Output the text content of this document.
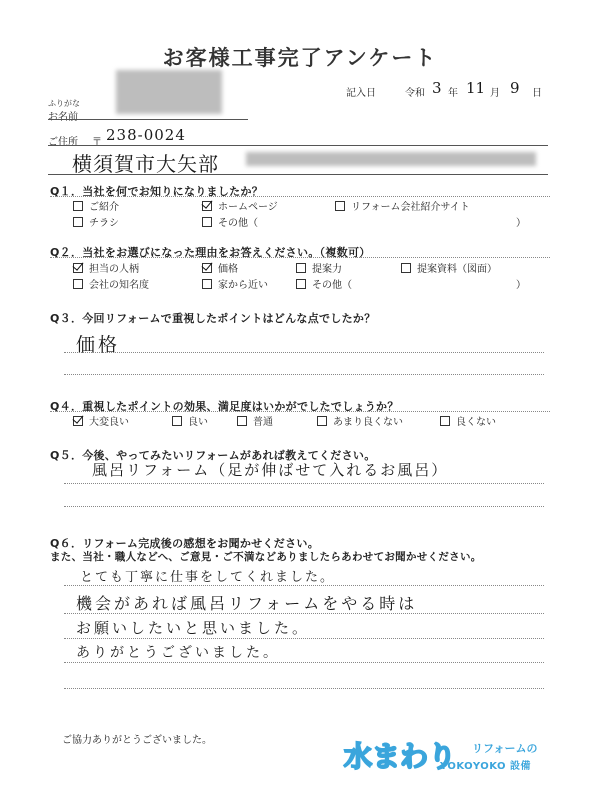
お客様工事完了アンケート
記入日	令和 3 年 11 月 9 日
ふりがな
お名前
ご住所 〒 238-0024
横須賀市大矢部
Q１．当社を何でお知りになりましたか？
ご紹介	ホームページ	リフォーム会社紹介サイト
チラシ	その他（	）
Q２．当社をお選びになった理由をお答えください。（複数可）
担当の人柄	価格	提案力	提案資料（図面）
会社の知名度	家から近い	その他（	）
Q３．今回リフォームで重視したポイントはどんな点でしたか？
価格
Q４．重視したポイントの効果、満足度はいかがでしたでしょうか？
大変良い	良い	普通	あまり良くない	良くない
Q５．今後、やってみたいリフォームがあれば教えてください。
風呂リフォーム（足が伸ばせて入れるお風呂）
Q６．リフォーム完成後の感想をお聞かせください。
また、当社・職人などへ、ご意見・ご不満などありましたらあわせてお聞かせください。
とても丁寧に仕事をしてくれました。
機会があれば風呂リフォームをやる時は
お願いしたいと思いました。
ありがとうございました。
ご協力ありがとうございました。	水まわり リフォームの
YOKOYOKO 設備
